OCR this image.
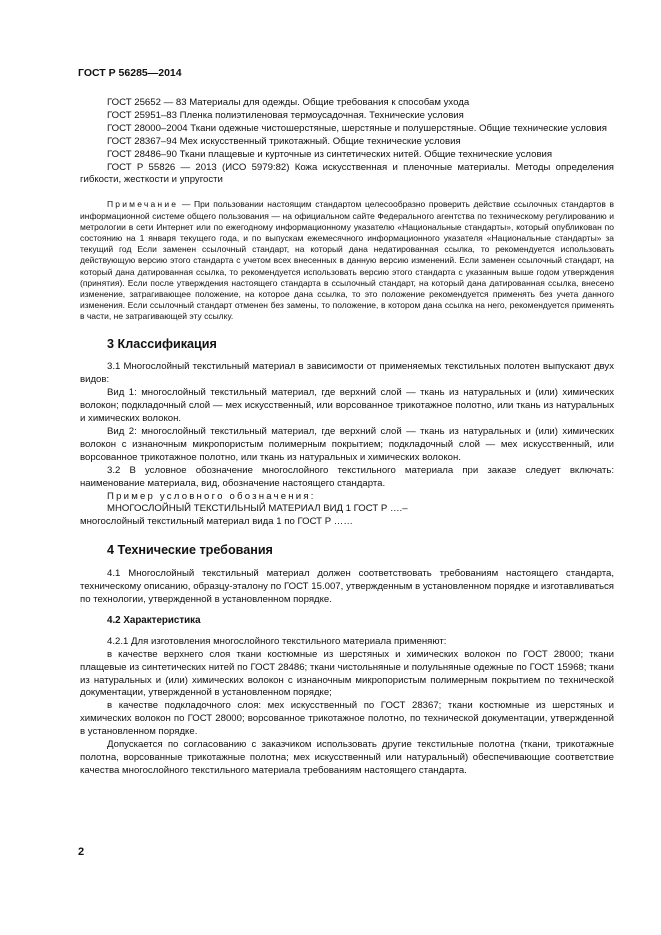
ГОСТ Р 56285—2014

ГОСТ 25652 — 83 Материалы для одежды. Общие требования к способам ухода

ГОСТ 25951–83 Пленка полиэтиленовая термоусадочная. Технические условия

ГОСТ 28000–2004 Ткани одежные чистошерстяные, шерстяные и полушерстяные. Общие технические условия

ГОСТ 28367–94 Мех искусственный трикотажный. Общие технические условия

ГОСТ 28486–90 Ткани плащевые и курточные из синтетических нитей. Общие технические условия

ГОСТ Р 55826 — 2013 (ИСО 5979:82) Кожа искусственная и пленочные материалы. Методы определения гибкости, жесткости и упругости

Примечание — При пользовании настоящим стандартом целесообразно проверить действие ссылочных стандартов в информационной системе общего пользования — на официальном сайте Федерального агентства по техническому регулированию и метрологии в сети Интернет или по ежегодному информационному указателю «Национальные стандарты», который опубликован по состоянию на 1 января текущего года, и по выпускам ежемесячного информационного указателя «Национальные стандарты» за текущий год Если заменен ссылочный стандарт, на который дана недатированная ссылка, то рекомендуется использовать действующую версию этого стандарта с учетом всех внесенных в данную версию изменений. Если заменен ссылочный стандарт, на который дана датированная ссылка, то рекомендуется использовать версию этого стандарта с указанным выше годом утверждения (принятия). Если после утверждения настоящего стандарта в ссылочный стандарт, на который дана датированная ссылка, внесено изменение, затрагивающее положение, на которое дана ссылка, то это положение рекомендуется применять без учета данного изменения. Если ссылочный стандарт отменен без замены, то положение, в котором дана ссылка на него, рекомендуется применять в части, не затрагивающей эту ссылку.

3 Классификация

3.1 Многослойный текстильный материал в зависимости от применяемых текстильных полотен выпускают двух видов:

Вид 1: многослойный текстильный материал, где верхний слой — ткань из натуральных и (или) химических волокон; подкладочный слой — мех искусственный, или ворсованное трикотажное полотно, или ткань из натуральных и химических волокон.

Вид 2: многослойный текстильный материал, где верхний слой — ткань из натуральных и (или) химических волокон с изнаночным микропористым полимерным покрытием; подкладочный слой — мех искусственный, или ворсованное трикотажное полотно, или ткань из натуральных и химических волокон.

3.2 В условное обозначение многослойного текстильного материала при заказе следует включать: наименование материала, вид, обозначение настоящего стандарта.

Пример условного обозначения:

МНОГОСЛОЙНЫЙ ТЕКСТИЛЬНЫЙ МАТЕРИАЛ ВИД 1 ГОСТ Р ….–

многослойный текстильный материал вида 1 по ГОСТ Р ……

4 Технические требования

4.1 Многослойный текстильный материал должен соответствовать требованиям настоящего стандарта, техническому описанию, образцу-эталону по ГОСТ 15.007, утвержденным в установленном порядке и изготавливаться по технологии, утвержденной в установленном порядке.

4.2 Характеристика

4.2.1 Для изготовления многослойного текстильного материала применяют:

в качестве верхнего слоя ткани костюмные из шерстяных и химических волокон по ГОСТ 28000; ткани плащевые из синтетических нитей по ГОСТ 28486; ткани чистольняные и полульняные одежные по ГОСТ 15968; ткани из натуральных и (или) химических волокон с изнаночным микропористым полимерным покрытием по технической документации, утвержденной в установленном порядке;

в качестве подкладочного слоя: мех искусственный по ГОСТ 28367; ткани костюмные из шерстяных и химических волокон по ГОСТ 28000; ворсованное трикотажное полотно, по технической документации, утвержденной в установленном порядке.

Допускается по согласованию с заказчиком использовать другие текстильные полотна (ткани, трикотажные полотна, ворсованные трикотажные полотна; мех искусственный или натуральный) обеспечивающие соответствие качества многослойного текстильного материала требованиям настоящего стандарта.

2
